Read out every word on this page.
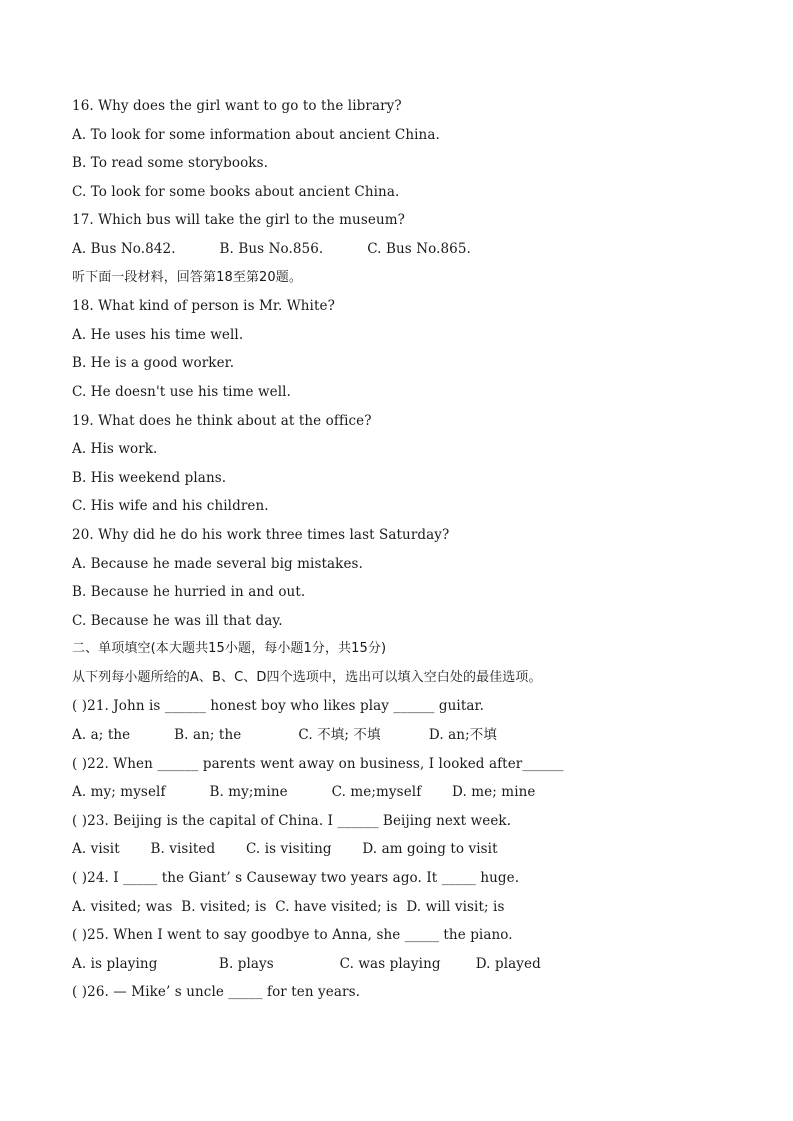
16. Why does the girl want to go to the library?
A. To look for some information about ancient China.
B. To read some storybooks.
C. To look for some books about ancient China.
17. Which bus will take the girl to the museum?
A. Bus No.842.          B. Bus No.856.          C. Bus No.865.
听下面一段材料，回答第18至第20题。
18. What kind of person is Mr. White?
A. He uses his time well.
B. He is a good worker.
C. He doesn't use his time well.
19. What does he think about at the office?
A. His work.
B. His weekend plans.
C. His wife and his children.
20. Why did he do his work three times last Saturday?
A. Because he made several big mistakes.
B. Because he hurried in and out.
C. Because he was ill that day.
二、单项填空(本大题共15小题，每小题1分，共15分)
从下列每小题所给的A、B、C、D四个选项中，选出可以填入空白处的最佳选项。
( )21. John is ______ honest boy who likes play ______ guitar.
A. a; the          B. an; the             C. 不填; 不填           D. an;不填
( )22. When ______ parents went away on business, I looked after______
A. my; myself          B. my;mine          C. me;myself       D. me; mine
( )23. Beijing is the capital of China. I ______ Beijing next week.
A. visit       B. visited       C. is visiting       D. am going to visit
( )24. I _____ the Giant’ s Causeway two years ago. It _____ huge.
A. visited; was  B. visited; is  C. have visited; is  D. will visit; is
( )25. When I went to say goodbye to Anna, she _____ the piano.
A. is playing              B. plays               C. was playing        D. played
( )26. — Mike’ s uncle _____ for ten years.
